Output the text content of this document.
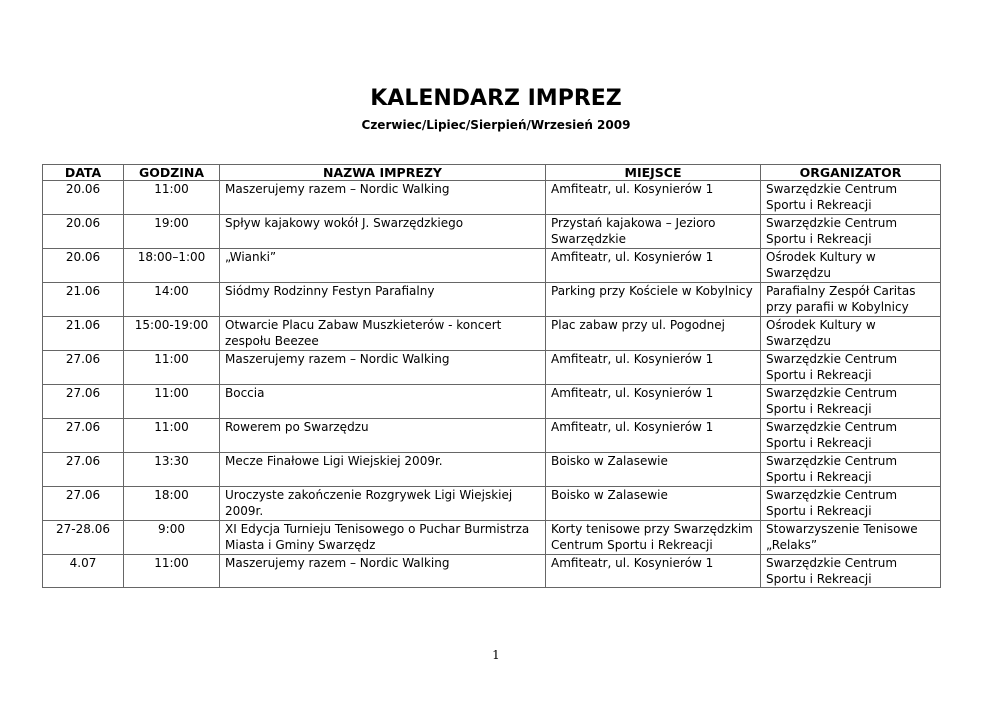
KALENDARZ IMPREZ
Czerwiec/Lipiec/Sierpień/Wrzesień 2009
DATA	GODZINA	NAZWA IMPREZY	MIEJSCE	ORGANIZATOR
20.06	11:00	Maszerujemy razem – Nordic Walking	Amfiteatr, ul. Kosynierów 1	Swarzędzkie Centrum Sportu i Rekreacji
20.06	19:00	Spływ kajakowy wokół J. Swarzędzkiego	Przystań kajakowa – Jezioro Swarzędzkie	Swarzędzkie Centrum Sportu i Rekreacji
20.06	18:00–1:00	„Wianki”	Amfiteatr, ul. Kosynierów 1	Ośrodek Kultury w Swarzędzu
21.06	14:00	Siódmy Rodzinny Festyn Parafialny	Parking przy Kościele w Kobylnicy	Parafialny Zespół Caritas przy parafii w Kobylnicy
21.06	15:00-19:00	Otwarcie Placu Zabaw Muszkieterów - koncert zespołu Beezee	Plac zabaw przy ul. Pogodnej	Ośrodek Kultury w Swarzędzu
27.06	11:00	Maszerujemy razem – Nordic Walking	Amfiteatr, ul. Kosynierów 1	Swarzędzkie Centrum Sportu i Rekreacji
27.06	11:00	Boccia	Amfiteatr, ul. Kosynierów 1	Swarzędzkie Centrum Sportu i Rekreacji
27.06	11:00	Rowerem po Swarzędzu	Amfiteatr, ul. Kosynierów 1	Swarzędzkie Centrum Sportu i Rekreacji
27.06	13:30	Mecze Finałowe Ligi Wiejskiej 2009r.	Boisko w Zalasewie	Swarzędzkie Centrum Sportu i Rekreacji
27.06	18:00	Uroczyste zakończenie Rozgrywek Ligi Wiejskiej 2009r.	Boisko w Zalasewie	Swarzędzkie Centrum Sportu i Rekreacji
27-28.06	9:00	XI Edycja Turnieju Tenisowego o Puchar Burmistrza Miasta i Gminy Swarzędz	Korty tenisowe przy Swarzędzkim Centrum Sportu i Rekreacji	Stowarzyszenie Tenisowe „Relaks”
4.07	11:00	Maszerujemy razem – Nordic Walking	Amfiteatr, ul. Kosynierów 1	Swarzędzkie Centrum Sportu i Rekreacji
1
